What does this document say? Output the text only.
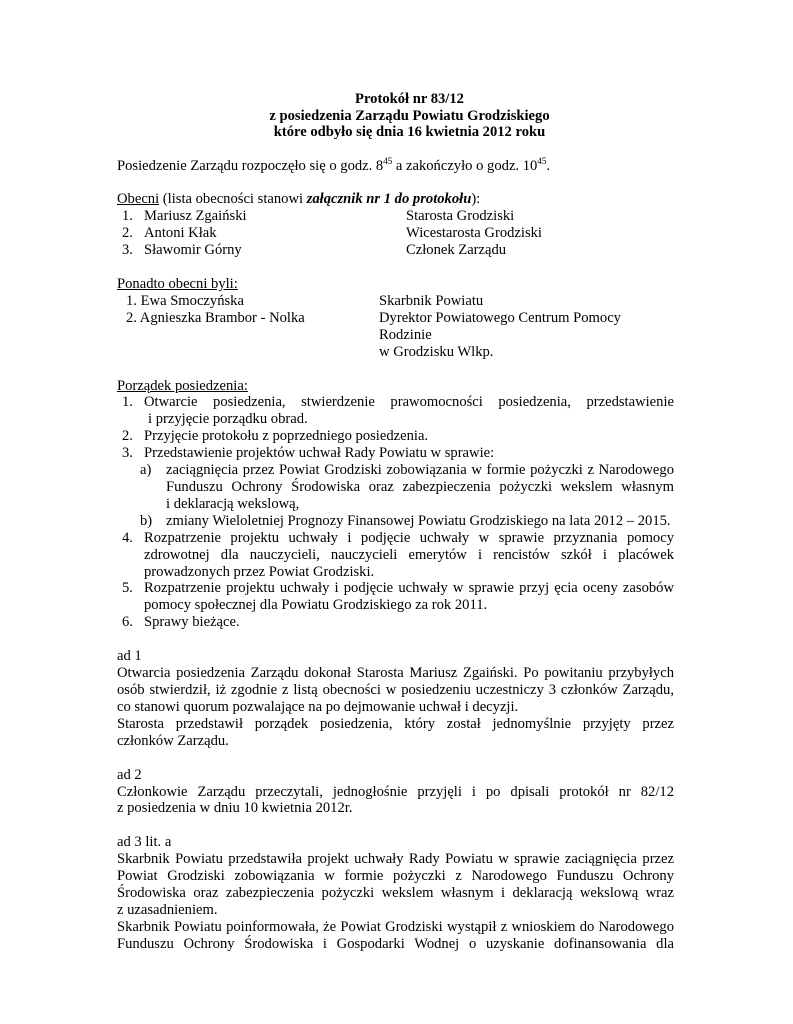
Protokół nr 83/12
z posiedzenia Zarządu Powiatu Grodziskiego
które odbyło się dnia 16 kwietnia 2012 roku

Posiedzenie Zarządu rozpoczęło się o godz. $8^{45}$ a zakończyło o godz. $10^{45}$.

Obecni (lista obecności stanowi załącznik nr 1 do protokołu):

1. Mariusz Zgaiński	Starosta Grodziski
2. Antoni Kłak	Wicestarosta Grodziski
3. Sławomir Górny	Członek Zarządu

Ponadto obecni byli:

1. Ewa Smoczyńska	Skarbnik Powiatu
2. Agnieszka Brambor - Nolka	Dyrektor Powiatowego Centrum Pomocy Rodzinie
w Grodzisku Wlkp.

Porządek posiedzenia:

1. Otwarcie posiedzenia, stwierdzenie prawomocności posiedzenia, przedstawienie
i przyjęcie porządku obrad.
2. Przyjęcie protokołu z poprzedniego posiedzenia.
3. Przedstawienie projektów uchwał Rady Powiatu w sprawie:
a) zaciągnięcia przez Powiat Grodziski zobowiązania w formie pożyczki z Narodowego
Funduszu Ochrony Środowiska oraz zabezpieczenia pożyczki wekslem własnym
i deklaracją wekslową,
b) zmiany Wieloletniej Prognozy Finansowej Powiatu Grodziskiego na lata 2012 – 2015.
4. Rozpatrzenie projektu uchwały i podjęcie uchwały w sprawie przyznania pomocy
zdrowotnej dla nauczycieli, nauczycieli emerytów i rencistów szkół i placówek
prowadzonych przez Powiat Grodziski.
5. Rozpatrzenie projektu uchwały i podjęcie uchwały w sprawie przyj ęcia oceny zasobów
pomocy społecznej dla Powiatu Grodziskiego za rok 2011.
6. Sprawy bieżące.

ad 1

Otwarcia posiedzenia Zarządu dokonał Starosta Mariusz Zgaiński. Po powitaniu przybyłych

osób stwierdził, iż zgodnie z listą obecności w posiedzeniu uczestniczy 3 członków Zarządu,

co stanowi quorum pozwalające na po dejmowanie uchwał i decyzji.

Starosta przedstawił porządek posiedzenia, który został jednomyślnie przyjęty przez

członków Zarządu.

ad 2

Członkowie Zarządu przeczytali, jednogłośnie przyjęli i po dpisali protokół nr 82/12

z posiedzenia w dniu 10 kwietnia 2012r.

ad 3 lit. a

Skarbnik Powiatu przedstawiła projekt uchwały Rady Powiatu w sprawie zaciągnięcia przez

Powiat Grodziski zobowiązania w formie pożyczki z Narodowego Funduszu Ochrony

Środowiska oraz zabezpieczenia pożyczki wekslem własnym i deklaracją wekslową wraz

z uzasadnieniem.

Skarbnik Powiatu poinformowała, że Powiat Grodziski wystąpił z wnioskiem do Narodowego

Funduszu Ochrony Środowiska i Gospodarki Wodnej o uzyskanie dofinansowania dla
